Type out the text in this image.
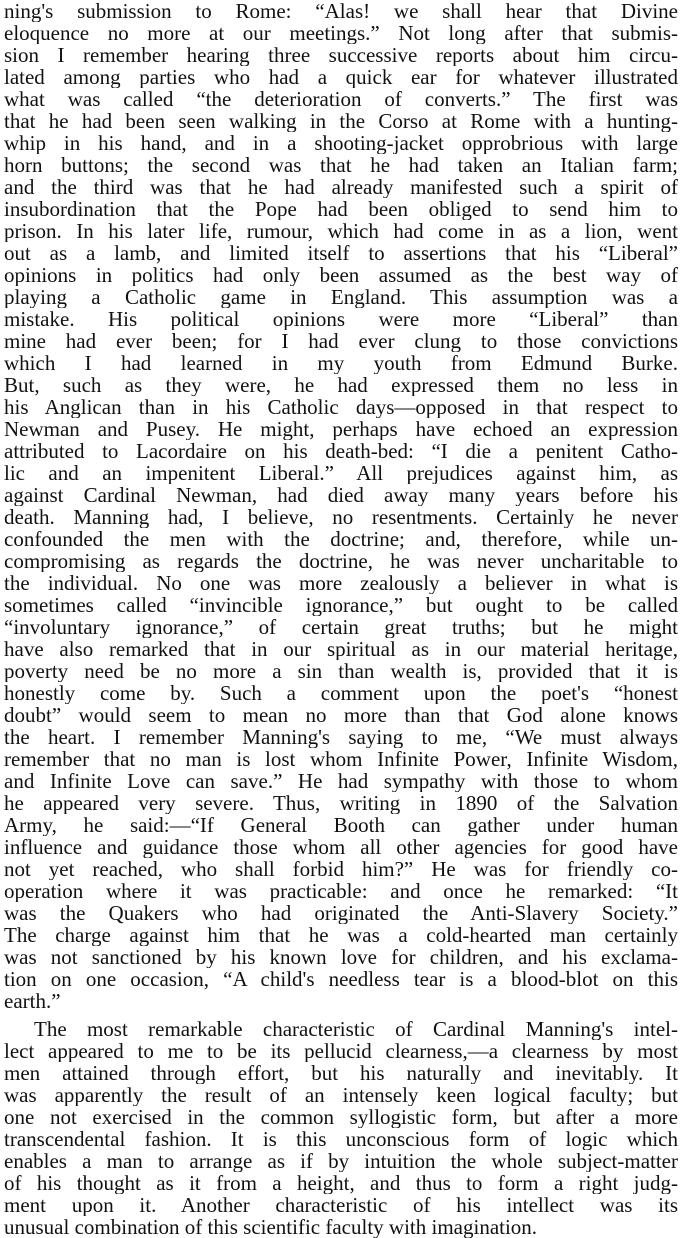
ning's submission to Rome: “Alas! we shall hear that Divine
eloquence no more at our meetings.” Not long after that submis-
sion I remember hearing three successive reports about him circu-
lated among parties who had a quick ear for whatever illustrated
what was called “the deterioration of converts.” The first was
that he had been seen walking in the Corso at Rome with a hunting-
whip in his hand, and in a shooting-jacket opprobrious with large
horn buttons; the second was that he had taken an Italian farm;
and the third was that he had already manifested such a spirit of
insubordination that the Pope had been obliged to send him to
prison. In his later life, rumour, which had come in as a lion, went
out as a lamb, and limited itself to assertions that his “Liberal”
opinions in politics had only been assumed as the best way of
playing a Catholic game in England. This assumption was a
mistake. His political opinions were more “Liberal” than
mine had ever been; for I had ever clung to those convictions
which I had learned in my youth from Edmund Burke.
But, such as they were, he had expressed them no less in
his Anglican than in his Catholic days—opposed in that respect to
Newman and Pusey. He might, perhaps have echoed an expression
attributed to Lacordaire on his death-bed: “I die a penitent Catho-
lic and an impenitent Liberal.” All prejudices against him, as
against Cardinal Newman, had died away many years before his
death. Manning had, I believe, no resentments. Certainly he never
confounded the men with the doctrine; and, therefore, while un-
compromising as regards the doctrine, he was never uncharitable to
the individual. No one was more zealously a believer in what is
sometimes called “invincible ignorance,” but ought to be called
“involuntary ignorance,” of certain great truths; but he might
have also remarked that in our spiritual as in our material heritage,
poverty need be no more a sin than wealth is, provided that it is
honestly come by. Such a comment upon the poet's “honest
doubt” would seem to mean no more than that God alone knows
the heart. I remember Manning's saying to me, “We must always
remember that no man is lost whom Infinite Power, Infinite Wisdom,
and Infinite Love can save.” He had sympathy with those to whom
he appeared very severe. Thus, writing in 1890 of the Salvation
Army, he said:—“If General Booth can gather under human
influence and guidance those whom all other agencies for good have
not yet reached, who shall forbid him?” He was for friendly co-
operation where it was practicable: and once he remarked: “It
was the Quakers who had originated the Anti-Slavery Society.”
The charge against him that he was a cold-hearted man certainly
was not sanctioned by his known love for children, and his exclama-
tion on one occasion, “A child's needless tear is a blood-blot on this
earth.”
The most remarkable characteristic of Cardinal Manning's intel-
lect appeared to me to be its pellucid clearness,—a clearness by most
men attained through effort, but his naturally and inevitably. It
was apparently the result of an intensely keen logical faculty; but
one not exercised in the common syllogistic form, but after a more
transcendental fashion. It is this unconscious form of logic which
enables a man to arrange as if by intuition the whole subject-matter
of his thought as it from a height, and thus to form a right judg-
ment upon it. Another characteristic of his intellect was its
unusual combination of this scientific faculty with imagination.
